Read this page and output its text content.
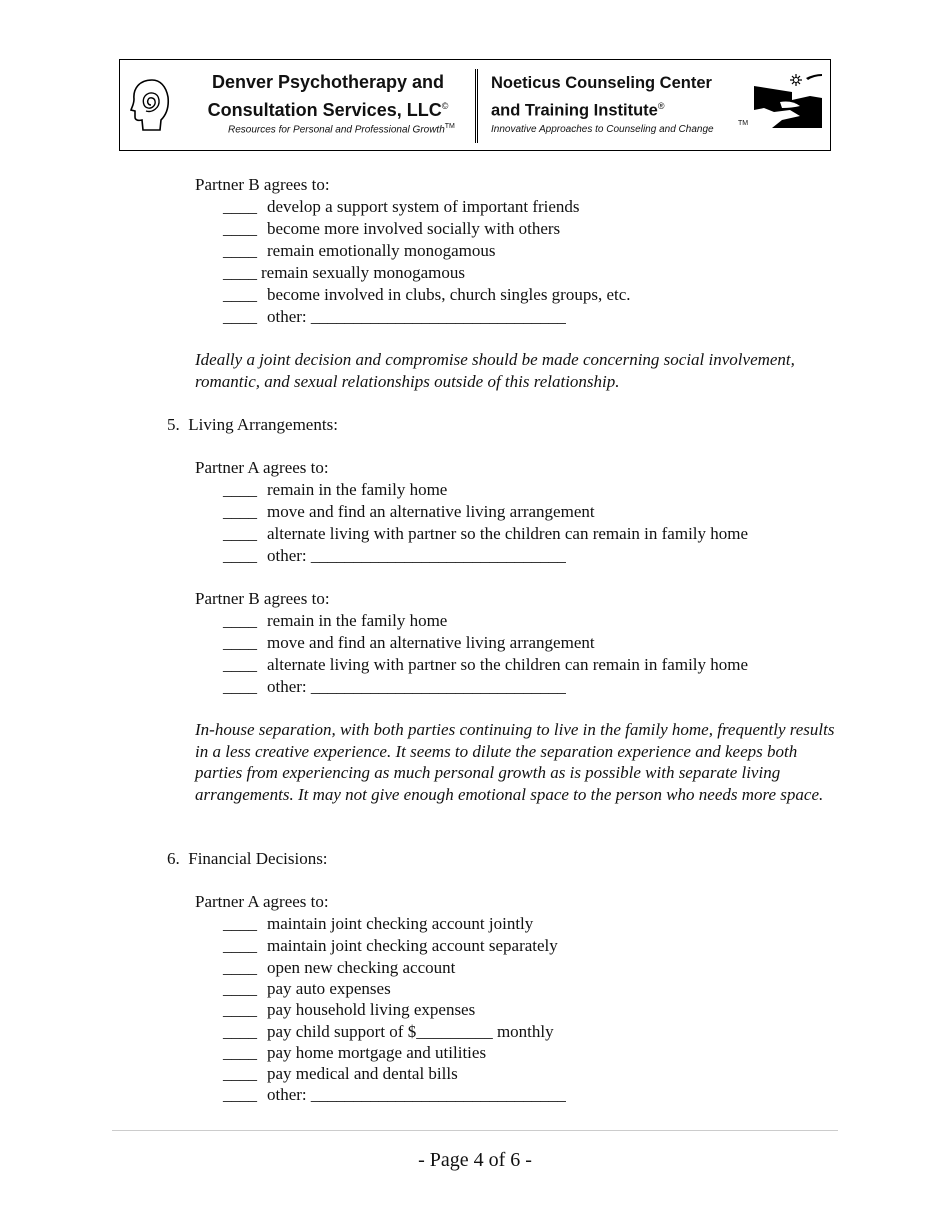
Denver Psychotherapy and
Consultation Services, LLC©
Resources for Personal and Professional Growth™
Noeticus Counseling Center
and Training Institute®
Innovative Approaches to Counseling and Change
TM
Partner B agrees to:
____ develop a support system of important friends
____ become more involved socially with others
____ remain emotionally monogamous
____ remain sexually monogamous
____ become involved in clubs, church singles groups, etc.
____ other: ______________________________
Ideally a joint decision and compromise should be made concerning social involvement, romantic, and sexual relationships outside of this relationship.
5.  Living Arrangements:
Partner A agrees to:
____ remain in the family home
____ move and find an alternative living arrangement
____ alternate living with partner so the children can remain in family home
____ other: ______________________________
Partner B agrees to:
____ remain in the family home
____ move and find an alternative living arrangement
____ alternate living with partner so the children can remain in family home
____ other: ______________________________
In-house separation, with both parties continuing to live in the family home, frequently results in a less creative experience. It seems to dilute the separation experience and keeps both parties from experiencing as much personal growth as is possible with separate living arrangements. It may not give enough emotional space to the person who needs more space.
6.  Financial Decisions:
Partner A agrees to:
____ maintain joint checking account jointly
____ maintain joint checking account separately
____ open new checking account
____ pay auto expenses
____ pay household living expenses
____ pay child support of $_________ monthly
____ pay home mortgage and utilities
____ pay medical and dental bills
____ other: ______________________________
- Page 4 of 6 -
